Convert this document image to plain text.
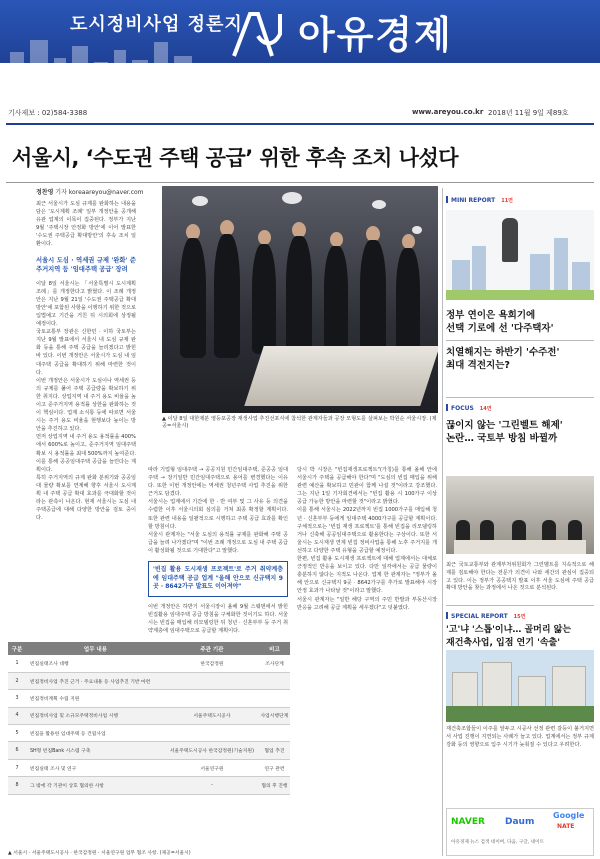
도시정비사업 정론지 아유경제
기사제보 : 02)584-3388	www.areyou.co.kr 2018년 11월 9일 제89호
서울시, ‘수도권 주택 공급’ 위한 후속 조치 나섰다
정찬영 기자 koreaareyou@naver.com

최근 서울시가 도심 규제를 완화하는 내용을 담은 '도시계획 조례' 일부 개정안을 공개해 유관 업계의 이목이 집중된다. 정부가 지난 9월 '주택시장 안정화 방안'에 이어 발표한 '수도권 주택공급 확대방안'의 후속 조치 일환이다.

서울시 도심 · 역세권 규제 '완화' 준주거지역 등 '임대주택 공급' 장려

이달 8일 서울시는 「서울특별시 도시계획 조례」를 개정한다고 밝혔다. 이 조례 개정안은 지난 9월 21일 '수도권 주택공급 확대 방안'에 포함된 사항을 이행하기 위한 것으로 입법예고 기간을 거친 뒤 시의회에 상정될 예정이다.

국토교통부 장관은 신한민 · 이하 국토부는 지난 9월 발표에서 서울시 내 도심 규제 완화 등을 통해 주택 공급을 늘리겠다고 밝힌 바 있다. 이번 개정안은 서울시가 도심 내 임대주택 공급을 확대하기 위해 마련한 것이다.

이번 개정안은 서울시가 도심이나 역세권 등의 규제를 풀어 주택 공급량을 확보하기 위한 취지다. 상업지역 내 주거 용도 비율을 높이고 준주거지역 용적률 상한을 완화하는 것이 핵심이다. 업계 소식통 등에 따르면 서울시는 주거 용도 비율을 현행보다 높이는 방안을 추진하고 있다.

먼저 상업지역 내 주거 용도 용적률을 400%에서 600%로 높이고, 준주거지역 임대주택 확보 시 용적률을 최대 500%까지 높여준다. 이를 통해 공공임대주택 공급을 늘린다는 계획이다.

특히 주거지역의 규제 완화 분위기와 공공임대 물량 확보를 연계해 향후 서울시 도시계획 내 주택 공급 확대 효과를 극대화할 것이라는 관측이 나온다. 현재 서울시는 도심 내 주택공급에 대해 다양한 방안을 검토 중이다.

▲ 이달 8일 대한제분 영등포공장 재생사업 추진선포식에 참석한 관계자들과 공장 모형도를 살펴보는 박원순 서울시장. (제공=서울시)

따라 기업형 임대주택 → 공공지원 민간임대주택, 준공공 임대주택 → 장기일반 민간임대주택으로 용어를 변경했다는 이유다. 또한 이번 개정안에는 역세권 청년주택 사업 추진을 위한 근거도 담겼다.

서울시는 업계에서 기간에 한 · 반 여부 및 그 사유 등 의견을 수렴한 이후 서울시의회 심의를 거쳐 최종 확정할 계획이다. 또한 관련 내용을 일괄적으로 시행하고 주택 공급 효과를 확인할 방침이다.

서울시 관계자는 "서울 도심의 용적률 규제를 완화해 주택 공급을 늘려 나가겠다"며 "이번 조례 개정으로 도심 내 주택 공급이 활성화될 것으로 기대한다"고 말했다.

'빈집 활용 도시재생 프로젝트'로 주거 취약계층에 임대주택 공급 업계 "올해 안으로 신규택지 9곳 · 8642가구 발표도 이어져야"

이번 개정안은 하반기 서울시장이 올해 9월 스웨덴에서 밝힌 빈집활용 임대주택 공급 방침을 구체화한 것이기도 하다. 서울시는 빈집을 매입해 리모델링한 뒤 청년 · 신혼부부 등 주거 취약계층에 임대주택으로 공급할 계획이다.

당시 박 시장은 "빈집재생프로젝트"(가칭)를 통해 올해 안에 서울시가 주택을 공급해야 한다"며 "도심의 빈집 매입을 위해 관련 예산을 확보하고 민관이 함께 나설 것"이라고 강조했다. 그는 지난 1일 기자회견에서는 "빈집 활용 시 100가구 이상 공급 가능한 방안을 마련할 것"이라고 밝혔다.

이를 통해 서울시는 2022년까지 빈집 1000가구를 매입해 청년 · 신혼부부 등에게 임대주택 4000가구를 공급할 계획이다. 구체적으로는 '빈집 재생 프로젝트'를 통해 빈집을 리모델링하거나 신축해 공공임대주택으로 활용한다는 구상이다. 또한 서울시는 도시재생 연계 빈집 정비사업을 통해 노후 주거지를 개선하고 다양한 주택 유형을 공급할 예정이다.

한편, 빈집 활용 도시재생 프로젝트에 대해 업계에서는 대체로 긍정적인 반응을 보이고 있다. 다만 일각에서는 공급 물량이 충분하지 않다는 지적도 나온다. 업계 한 관계자는 "정부가 올해 안으로 신규택지 9곳 · 8642가구를 추가로 발표해야 시장 안정 효과가 나타날 것"이라고 말했다.

서울시 관계자는 "일반 해당 구역의 주민 반발과 부동산시장 반응을 고려해 공급 계획을 세우겠다"고 덧붙였다.

구분	업무 내용	주관 기관	비고
1	빈집실태조사 대행	한국감정원	조사단계
2	빈집정비사업 추진 근거 · 주요내용 등 사업추진 기반 마련		
3	빈집정비계획 수립 지원		
4	빈집정비사업 및 소규모주택정비사업 시행	서울주택도시공사	사업시행단계
5	빈집을 활용한 임대주택 등 건립사업		
6	SH형 빈집Bank 시스템 구축	서울주택도시공사 한국감정원(기술지원)	협업 추진
7	빈집실태 조사 및 연구	서울연구원	연구 관련
8	그 밖에 각 기관이 상호 협의한 사항	-	협의 후 진행
▲ 서울시 · 서울주택도시공사 · 한국감정원 · 서울연구원 업무 협조 사항. (제공=서울시)
MINI REPORT 11면
정부 연이은 욕희기에
선택 기로에 선 '다주택자'
치열해지는 하반기 '수주전'
최대 격전지는?
FOCUS 14면
끊이지 않는 '그린벨트 해제'
논란… 국토부 방침 바뀔까
최근 국토교통부와 관계부처위원회가 그린벨트를 지속적으로 해제를 검토해야 한다는 전문가 의견이 나와 세간의 관심이 집중되고 있다. 이는 정부가 공공택지 발표 이후 서울 도심에 주택 공급 확대 방안을 찾는 과정에서 나온 것으로 분석된다.
SPECIAL REPORT 15면
'고'냐 '스톱'이냐… 골머리 앓는
재건축사업, 입점 연기 '속출'
재건축조합들이 이주를 앞두고 시공사 선정 관련 갈등이 불거지면서 사업 진행이 지연되는 사례가 늘고 있다. 업계에서는 정부 규제 강화 등의 영향으로 입주 시기가 늦춰질 수 있다고 우려한다.
NAVER Daum
Google
NATE
아유경제 뉴스 검색 네이버, 다음, 구글, 네이트
